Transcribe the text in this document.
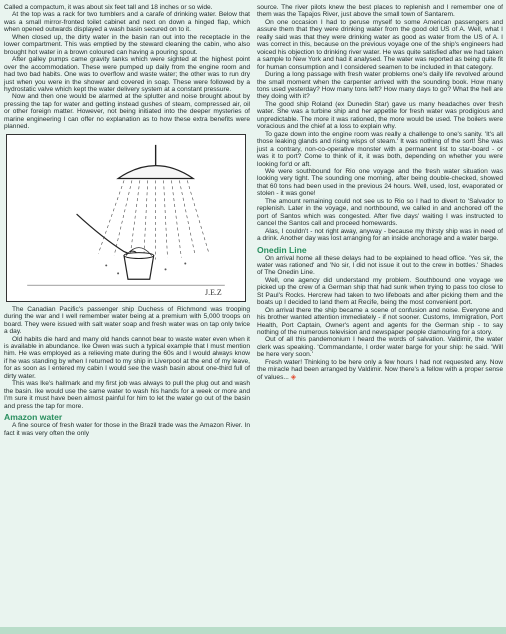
Called a compactum, it was about six feet tall and 18 inches or so wide.

At the top was a rack for two tumblers and a carafe of drinking water. Below that was a small mirror-fronted toilet cabinet and next on down a hinged flap, which when opened outwards displayed a wash basin secured on to it.

When closed up, the dirty water in the basin ran out into the receptacle in the lower compartment. This was emptied by the steward cleaning the cabin, who also brought hot water in a brown coloured can having a pouring spout.

After galley pumps came gravity tanks which were sighted at the highest point over the accommodation. These were pumped up daily from the engine room and had two bad habits. One was to overflow and waste water; the other was to run dry just when you were in the shower and covered in soap. These were followed by a hydrostatic valve which kept the water delivery system at a constant pressure.

Now and then one would be alarmed at the splutter and noise brought about by pressing the tap for water and getting instead gushes of steam, compressed air, oil or other foreign matter. However, not being initiated into the deeper mysteries of marine engineering I can offer no explanation as to how these extra benefits were planned.

J.E.Z

The Canadian Pacific's passenger ship Duchess of Richmond was trooping during the war and I well remember water being at a premium with 5,000 troops on board. They were issued with salt water soap and fresh water was on tap only twice a day.

Old habits die hard and many old hands cannot bear to waste water even when it is available in abundance. Ike Owen was such a typical example that I must mention him. He was employed as a relieving mate during the 60s and I would always know if he was standing by when I returned to my ship in Liverpool at the end of my leave, for as soon as I entered my cabin I would see the wash basin about one-third full of dirty water.

This was Ike's hallmark and my first job was always to pull the plug out and wash the basin. Ike would use the same water to wash his hands for a week or more and I'm sure it must have been almost painful for him to let the water go out of the basin and press the tap for more.

Amazon water

A fine source of fresh water for those in the Brazil trade was the Amazon River. In fact it was very often the only

source. The river pilots knew the best places to replenish and I remember one of them was the Tapajos River, just above the small town of Santarem.

On one occasion I had to peruse myself to some American passengers and assure them that they were drinking water from the good old US of A. Well, what I really said was that they were drinking water as good as water from the US of A. I was correct in this, because on the previous voyage one of the ship's engineers had voiced his objection to drinking river water. He was quite satisfied after we had taken a sample to New York and had it analysed. The water was reported as being quite fit for human consumption and I considered seamen to be included in that category.

During a long passage with fresh water problems one's daily life revolved around the small moment when the carpenter arrived with the sounding book. How many tons used yesterday? How many tons left? How many days to go? What the hell are they doing with it?

The good ship Roland (ex Dunedin Star) gave us many headaches over fresh water. She was a turbine ship and her appetite for fresh water was prodigious and unpredictable. The more it was rationed, the more would be used. The boilers were voracious and the chief at a loss to explain why.

To gaze down into the engine room was really a challenge to one's sanity. 'It's all those leaking glands and rising wisps of steam.' It was nothing of the sort! She was just a contrary, non-co-operative monster with a permanent list to star-board - or was it to port? Come to think of it, it was both, depending on whether you were looking for'd or aft.

We were southbound for Rio one voyage and the fresh water situation was looking very tight. The sounding one morning, after being double-checked, showed that 60 tons had been used in the previous 24 hours. Well, used, lost, evaporated or stolen - it was gone!

The amount remaining could not see us to Rio so I had to divert to 'Salvador to replenish. Later in the voyage, and northbound, we called in and anchored off the port of Santos which was congested. After five days' waiting I was instructed to cancel the Santos call and proceed homewards.

Alas, I couldn't - not right away, anyway - because my thirsty ship was in need of a drink. Another day was lost arranging for an inside anchorage and a water barge.

Onedin Line

On arrival home all these delays had to be explained to head office. 'Yes sir, the water was rationed' and 'No sir, I did not issue it out to the crew in bottles.' Shades of The Onedin Line.

Well, one agency did understand my problem. Southbound one voyage we picked up the crew of a German ship that had sunk when trying to pass too close to St Paul's Rocks. Hercrew had taken to two lifeboats and after picking them and the boats up I decided to land them at Recife, being the most convenient port.

On arrival there the ship became a scene of confusion and noise. Everyone and his brother wanted attention immediately - if not sooner. Customs, Immigration, Port Health, Port Captain, Owner's agent and agents for the German ship - to say nothing of the numerous television and newspaper people clamouring for a story.

Out of all this pandemonium I heard the words of salvation. Valdimir, the water clerk was speaking. 'Commandante, I order water barge for your ship: he said. 'Will be here very soon.'

Fresh water! Thinking to be here only a few hours I had not requested any. Now the miracle had been arranged by Valdimir. Now there's a fellow with a proper sense of values... ◈
